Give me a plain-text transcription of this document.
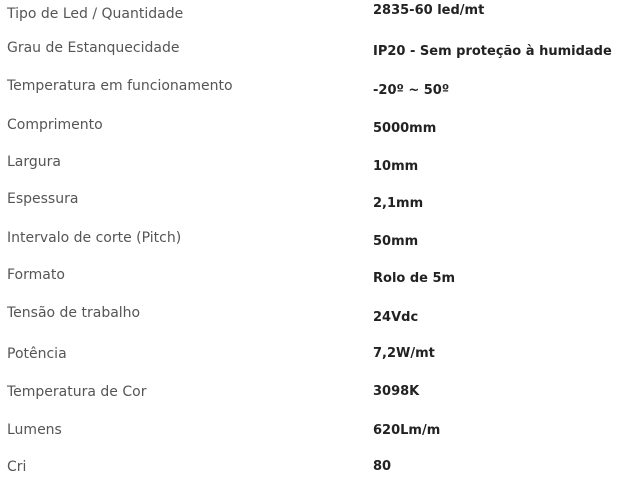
Tipo de Led / Quantidade	2835-60 led/mt
Grau de Estanquecidade	IP20 - Sem proteção à humidade
Temperatura em funcionamento	-20º ~ 50º
Comprimento	5000mm
Largura	10mm
Espessura	2,1mm
Intervalo de corte (Pitch)	50mm
Formato	Rolo de 5m
Tensão de trabalho	24Vdc
Potência	7,2W/mt
Temperatura de Cor	3098K
Lumens	620Lm/m
Cri	80
